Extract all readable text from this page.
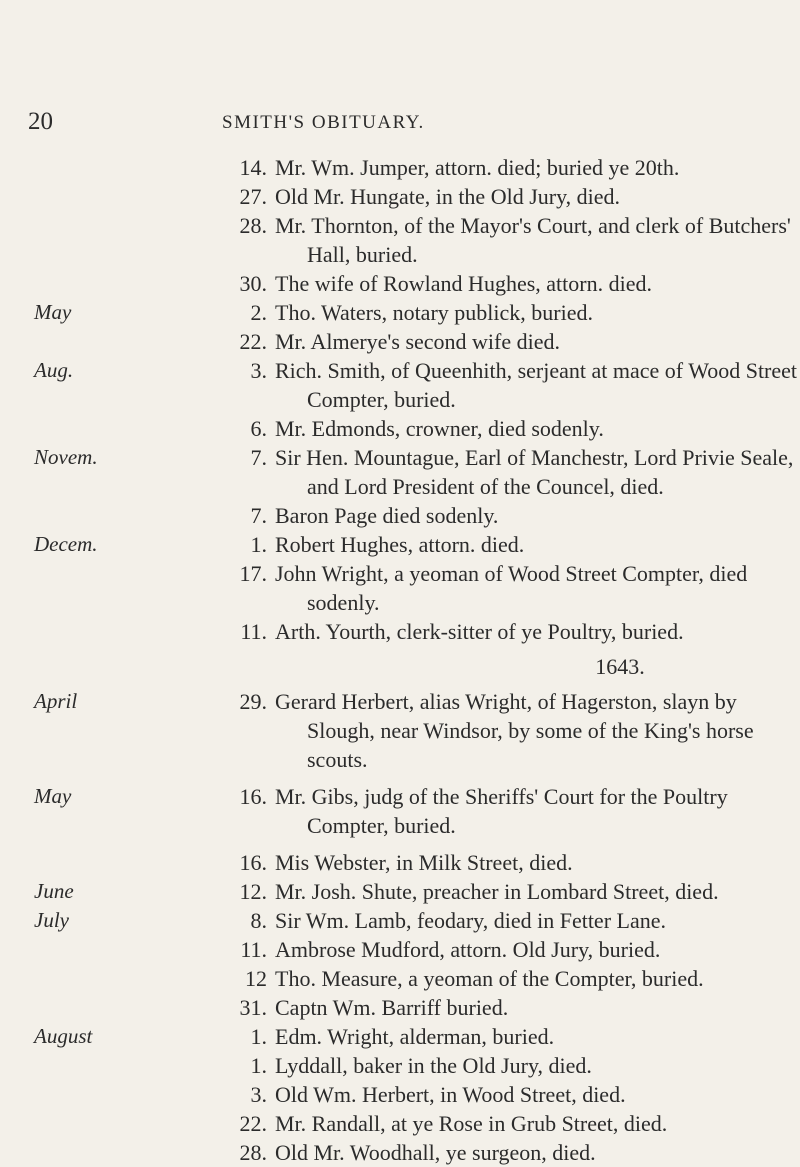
20	SMITH'S OBITUARY.
14. Mr. Wm. Jumper, attorn. died; buried ye 20th.
27. Old Mr. Hungate, in the Old Jury, died.
28. Mr. Thornton, of the Mayor's Court, and clerk of Butchers' Hall, buried.
30. The wife of Rowland Hughes, attorn. died.
May	2. Tho. Waters, notary publick, buried.
22. Mr. Almerye's second wife died.
Aug.	3. Rich. Smith, of Queenhith, serjeant at mace of Wood Street Compter, buried.
6. Mr. Edmonds, crowner, died sodenly.
Novem.	7. Sir Hen. Mountague, Earl of Manchestr, Lord Privie Seale, and Lord President of the Councel, died.
7. Baron Page died sodenly.
Decem.	1. Robert Hughes, attorn. died.
17. John Wright, a yeoman of Wood Street Compter, died sodenly.
11. Arth. Yourth, clerk-sitter of ye Poultry, buried.
1643.
April	29. Gerard Herbert, alias Wright, of Hagerston, slayn by Slough, near Windsor, by some of the King's horse scouts.
May	16. Mr. Gibs, judg of the Sheriffs' Court for the Poultry Compter, buried.
16. Mis Webster, in Milk Street, died.
June	12. Mr. Josh. Shute, preacher in Lombard Street, died.
July	8. Sir Wm. Lamb, feodary, died in Fetter Lane.
11. Ambrose Mudford, attorn. Old Jury, buried.
12 Tho. Measure, a yeoman of the Compter, buried.
31. Captn Wm. Barriff buried.
August	1. Edm. Wright, alderman, buried.
1. Lyddall, baker in the Old Jury, died.
3. Old Wm. Herbert, in Wood Street, died.
22. Mr. Randall, at ye Rose in Grub Street, died.
28. Old Mr. Woodhall, ye surgeon, died.
